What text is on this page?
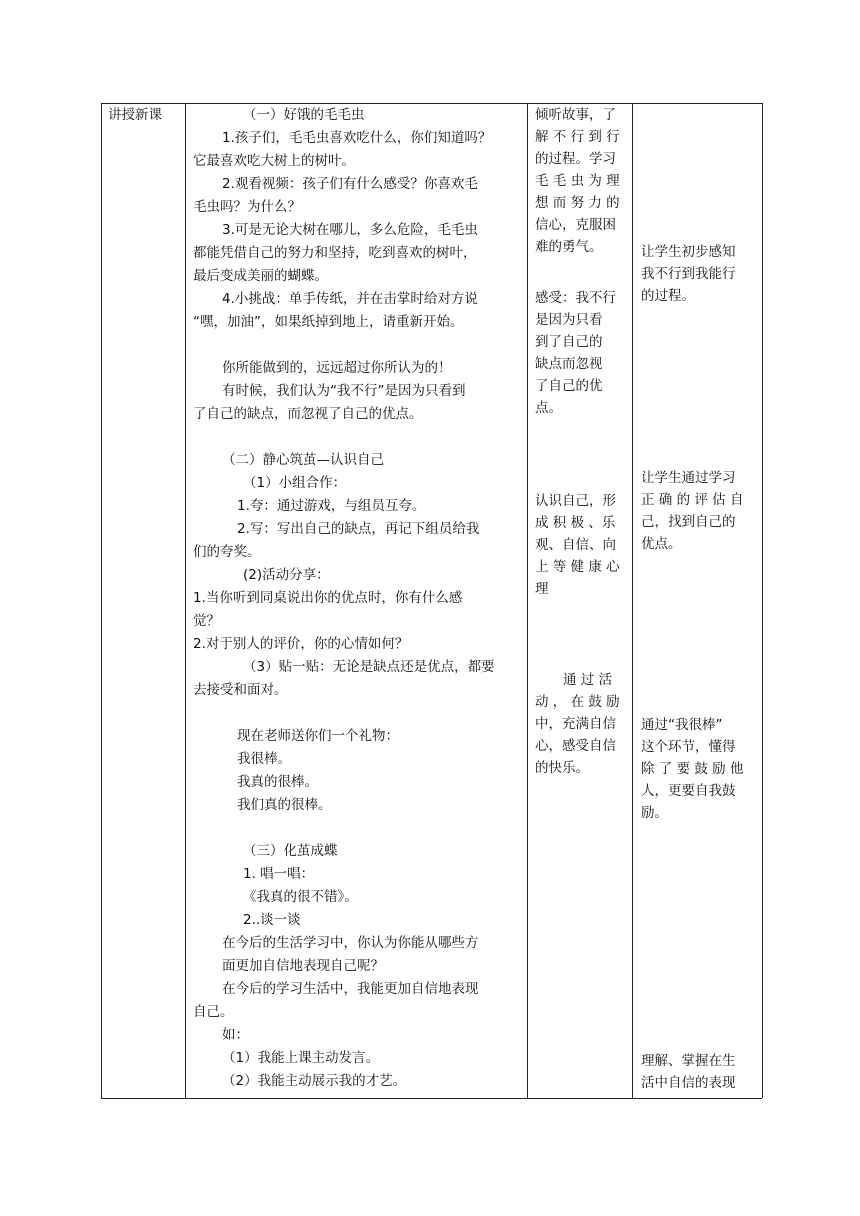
讲授新课	（一）好饿的毛毛虫
1.孩子们，毛毛虫喜欢吃什么，你们知道吗？
它最喜欢吃大树上的树叶。
2.观看视频：孩子们有什么感受？你喜欢毛
毛虫吗？为什么？
3.可是无论大树在哪儿，多么危险，毛毛虫
都能凭借自己的努力和坚持，吃到喜欢的树叶，
最后变成美丽的蝴蝶。
4.小挑战：单手传纸，并在击掌时给对方说
“嘿，加油”，如果纸掉到地上，请重新开始。
你所能做到的，远远超过你所认为的！
有时候，我们认为“我不行”是因为只看到
了自己的缺点，而忽视了自己的优点。
（二）静心筑茧—认识自己
（1）小组合作：
1.夸：通过游戏，与组员互夸。
2.写：写出自己的缺点，再记下组员给我
们的夸奖。
(2)活动分享：
1.当你听到同桌说出你的优点时，你有什么感
觉？
2.对于别人的评价，你的心情如何？
（3）贴一贴：无论是缺点还是优点，都要
去接受和面对。
现在老师送你们一个礼物：
我很棒。
我真的很棒。
我们真的很棒。
（三）化茧成蝶
1. 唱一唱：
《我真的很不错》。
2..谈一谈
在今后的生活学习中，你认为你能从哪些方
面更加自信地表现自己呢？
在今后的学习生活中，我能更加自信地表现
自己。
如：
（1）我能上课主动发言。
（2）我能主动展示我的才艺。
倾听故事，了
解 不 行 到 行
的过程。学习
毛 毛 虫 为 理
想 而 努 力 的
信心，克服困
难的勇气。
感受：我不行
是因为只看
到了自己的
缺点而忽视
了自己的优
点。
认识自己，形
成 积 极 、乐
观、自信、向
上 等 健 康 心
理
通 过 活
动 ， 在 鼓 励
中，充满自信
心，感受自信
的快乐。
让学生初步感知
我不行到我能行
的过程。
让学生通过学习
正 确 的 评 估 自
己，找到自己的
优点。
通过“我很棒”
这个环节，懂得
除 了 要 鼓 励 他
人，更要自我鼓
励。
理解、掌握在生
活中自信的表现
